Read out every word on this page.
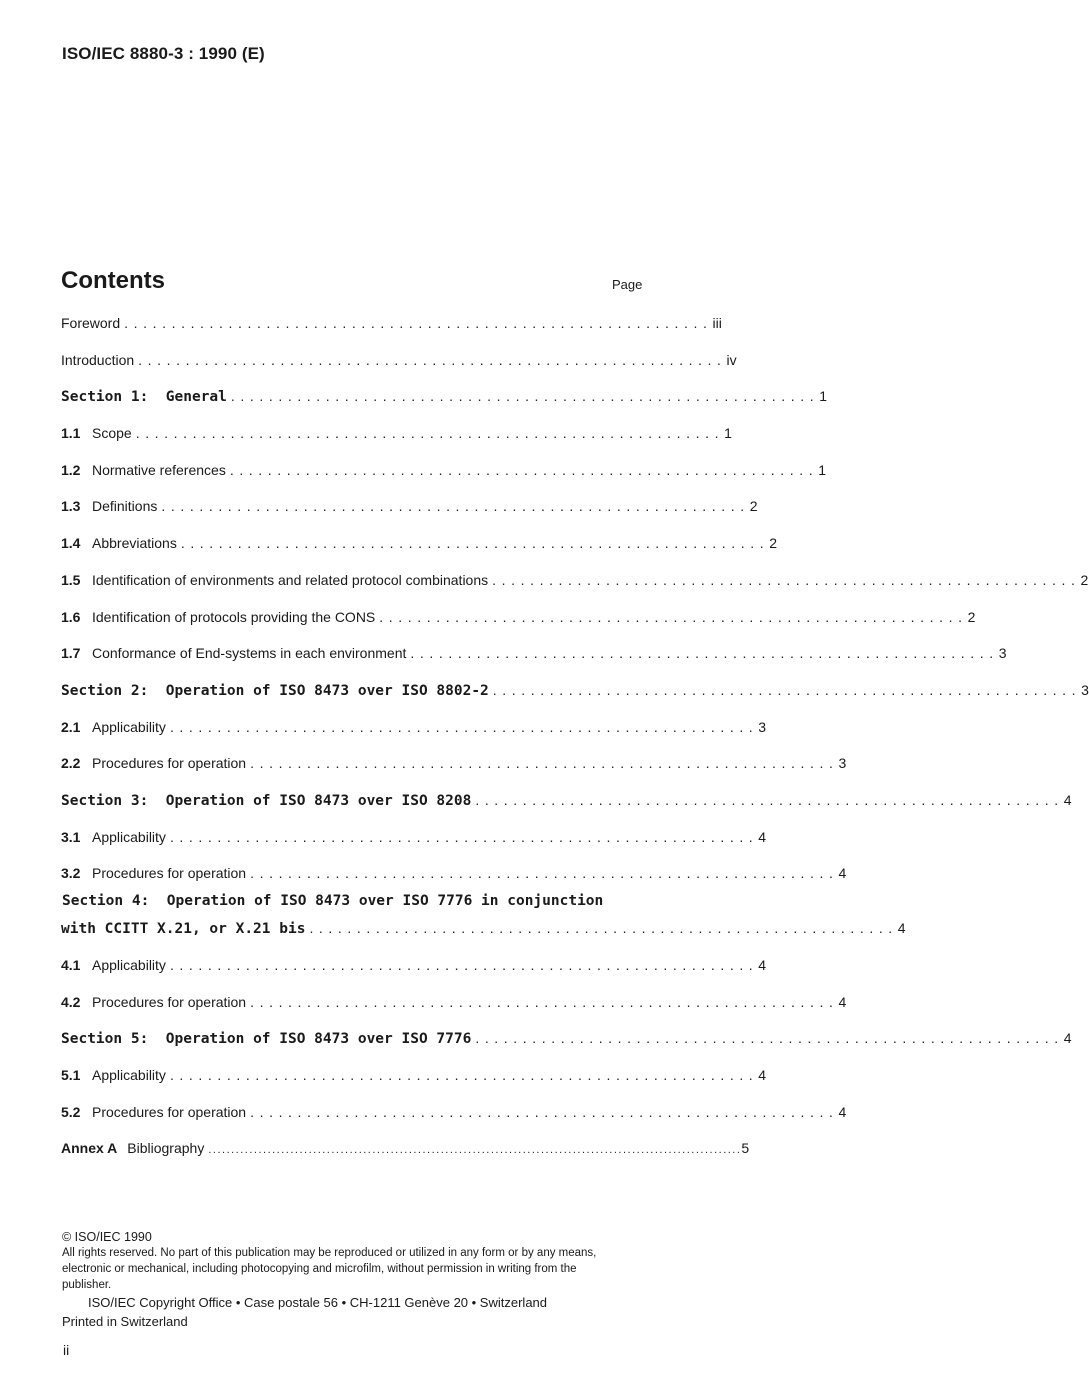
ISO/IEC 8880-3 : 1990 (E)
Contents	Page
Foreword .............................................................. iii
Introduction .............................................................. iv
Section 1: General .............................................................. 1
1.1 Scope .............................................................. 1
1.2 Normative references .............................................................. 1
1.3 Definitions .............................................................. 2
1.4 Abbreviations .............................................................. 2
1.5 Identification of environments and related protocol combinations .............................................................. 2
1.6 Identification of protocols providing the CONS .............................................................. 2
1.7 Conformance of End-systems in each environment .............................................................. 3
Section 2: Operation of ISO 8473 over ISO 8802-2 .............................................................. 3
2.1 Applicability .............................................................. 3
2.2 Procedures for operation .............................................................. 3
Section 3: Operation of ISO 8473 over ISO 8208 .............................................................. 4
3.1 Applicability .............................................................. 4
3.2 Procedures for operation .............................................................. 4
Section 4: Operation of ISO 8473 over ISO 7776 in conjunction
with CCITT X.21, or X.21 bis .............................................................. 4
4.1 Applicability .............................................................. 4
4.2 Procedures for operation .............................................................. 4
Section 5: Operation of ISO 8473 over ISO 7776 .............................................................. 4
5.1 Applicability .............................................................. 4
5.2 Procedures for operation .............................................................. 4
Annex A Bibliography ..................................................................................................................... 5
© ISO/IEC 1990
All rights reserved. No part of this publication may be reproduced or utilized in any form or by any means, electronic or mechanical, including photocopying and microfilm, without permission in writing from the publisher.
ISO/IEC Copyright Office • Case postale 56 • CH-1211 Genève 20 • Switzerland
Printed in Switzerland
ii
